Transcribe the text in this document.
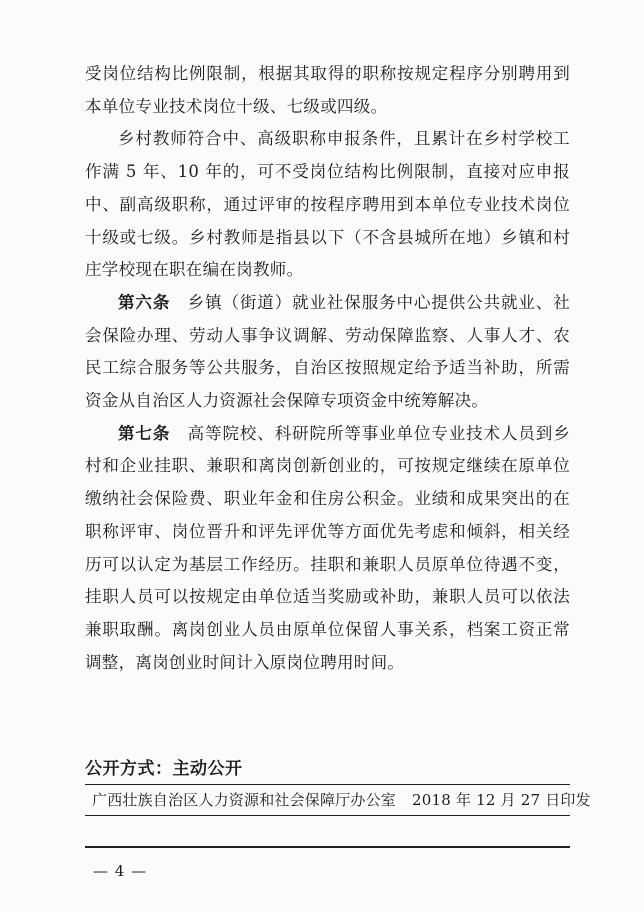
受岗位结构比例限制，根据其取得的职称按规定程序分别聘用到本单位专业技术岗位十级、七级或四级。

乡村教师符合中、高级职称申报条件，且累计在乡村学校工作满 5 年、10 年的，可不受岗位结构比例限制，直接对应申报中、副高级职称，通过评审的按程序聘用到本单位专业技术岗位十级或七级。乡村教师是指县以下（不含县城所在地）乡镇和村庄学校现在职在编在岗教师。

第六条　 乡镇（街道）就业社保服务中心提供公共就业、社会保险办理、劳动人事争议调解、劳动保障监察、人事人才、农民工综合服务等公共服务，自治区按照规定给予适当补助，所需资金从自治区人力资源社会保障专项资金中统筹解决。

第七条　 高等院校、科研院所等事业单位专业技术人员到乡村和企业挂职、兼职和离岗创新创业的，可按规定继续在原单位缴纳社会保险费、职业年金和住房公积金。业绩和成果突出的在职称评审、岗位晋升和评先评优等方面优先考虑和倾斜，相关经历可以认定为基层工作经历。挂职和兼职人员原单位待遇不变，挂职人员可以按规定由单位适当奖励或补助，兼职人员可以依法兼职取酬。离岗创业人员由原单位保留人事关系，档案工资正常调整，离岗创业时间计入原岗位聘用时间。

公开方式：主动公开
广西壮族自治区人力资源和社会保障厅办公室 2018 年 12 月 27 日印发
— 4 —
